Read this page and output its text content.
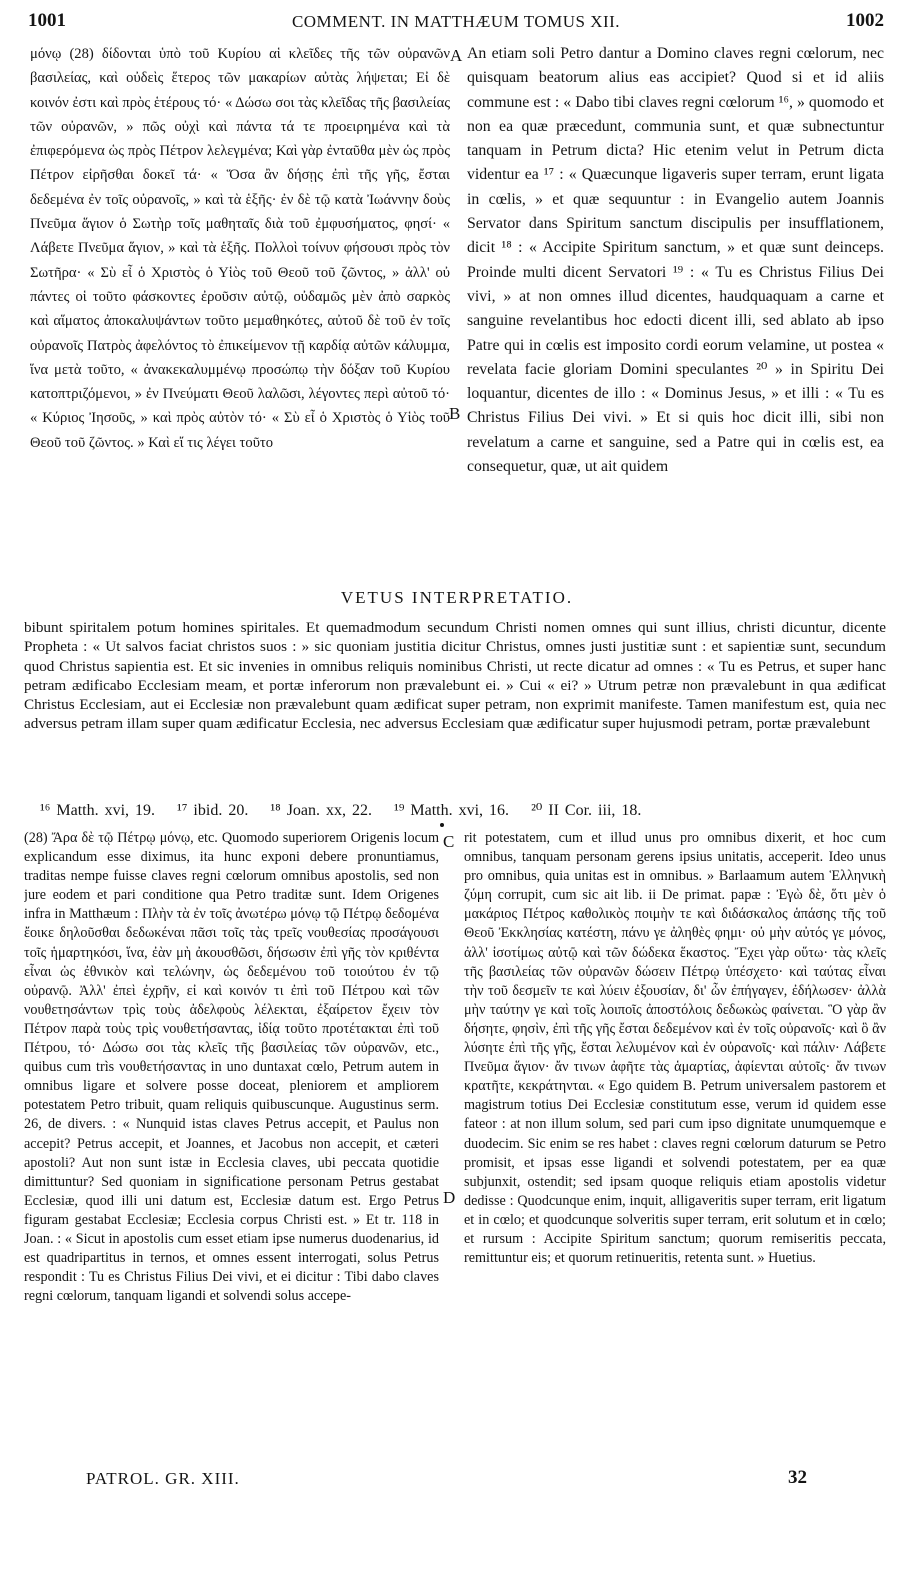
1001	COMMENT. IN MATTHÆUM TOMUS XII.	1002

μόνῳ (28) δίδονται ὑπὸ τοῦ Κυρίου αἱ κλεῖδες τῆς τῶν οὐρανῶν βασιλείας, καὶ οὐδεὶς ἕτερος τῶν μακαρίων αὐτὰς λήψεται; Εἰ δὲ κοινόν ἐστι καὶ πρὸς ἑτέρους τό· « Δώσω σοι τὰς κλεῖδας τῆς βασιλείας τῶν οὐρανῶν, » πῶς οὐχὶ καὶ πάντα τά τε προειρημένα καὶ τὰ ἐπιφερόμενα ὡς πρὸς Πέτρον λελεγμένα; Καὶ γὰρ ἐνταῦθα μὲν ὡς πρὸς Πέτρον εἰρῆσθαι δοκεῖ τά· « Ὅσα ἂν δήσῃς ἐπὶ τῆς γῆς, ἔσται δεδεμένα ἐν τοῖς οὐρανοῖς, » καὶ τὰ ἑξῆς· ἐν δὲ τῷ κατὰ Ἰωάννην δοὺς Πνεῦμα ἅγιον ὁ Σωτὴρ τοῖς μαθηταῖς διὰ τοῦ ἐμφυσήματος, φησί· « Λάβετε Πνεῦμα ἅγιον, » καὶ τὰ ἑξῆς. Πολλοὶ τοίνυν φήσουσι πρὸς τὸν Σωτῆρα· « Σὺ εἶ ὁ Χριστὸς ὁ Υἱὸς τοῦ Θεοῦ τοῦ ζῶντος, » ἀλλ' οὐ πάντες οἱ τοῦτο φάσκοντες ἐροῦσιν αὐτῷ, οὐδαμῶς μὲν ἀπὸ σαρκὸς καὶ αἵματος ἀποκαλυψάντων τοῦτο μεμαθηκότες, αὐτοῦ δὲ τοῦ ἐν τοῖς οὐρανοῖς Πατρὸς ἀφελόντος τὸ ἐπικείμενον τῇ καρδίᾳ αὐτῶν κάλυμμα, ἵνα μετὰ τοῦτο, « ἀνακεκαλυμμένῳ προσώπῳ τὴν δόξαν τοῦ Κυρίου κατοπτριζόμενοι, » ἐν Πνεύματι Θεοῦ λαλῶσι, λέγοντες περὶ αὐτοῦ τό· « Κύριος Ἰησοῦς, » καὶ πρὸς αὐτὸν τό· « Σὺ εἶ ὁ Χριστὸς ὁ Υἱὸς τοῦ Θεοῦ τοῦ ζῶντος. » Καὶ εἴ τις λέγει τοῦτο

An etiam soli Petro dantur a Domino claves regni cœlorum, nec quisquam beatorum alius eas accipiet? Quod si et id aliis commune est : « Dabo tibi claves regni cœlorum ¹⁶, » quomodo et non ea quæ præcedunt, communia sunt, et quæ subnectuntur tanquam in Petrum dicta? Hic etenim velut in Petrum dicta videntur ea ¹⁷ : « Quæcunque ligaveris super terram, erunt ligata in cœlis, » et quæ sequuntur : in Evangelio autem Joannis Servator dans Spiritum sanctum discipulis per insufflationem, dicit ¹⁸ : « Accipite Spiritum sanctum, » et quæ sunt deinceps. Proinde multi dicent Servatori ¹⁹ : « Tu es Christus Filius Dei vivi, » at non omnes illud dicentes, haudquaquam a carne et sanguine revelantibus hoc edocti dicent illi, sed ablato ab ipso Patre qui in cœlis est imposito cordi eorum velamine, ut postea « revelata facie gloriam Domini speculantes ²⁰ » in Spiritu Dei loquantur, dicentes de illo : « Dominus Jesus, » et illi : « Tu es Christus Filius Dei vivi. » Et si quis hoc dicit illi, sibi non revelatum a carne et sanguine, sed a Patre qui in cœlis est, ea consequetur, quæ, ut ait quidem

A
B
VETUS INTERPRETATIO.

bibunt spiritalem potum homines spiritales. Et quemadmodum secundum Christi nomen omnes qui sunt illius, christi dicuntur, dicente Propheta : « Ut salvos faciat christos suos : » sic quoniam justitia dicitur Christus, omnes justi justitiæ sunt : et sapientiæ sunt, secundum quod Christus sapientia est. Et sic invenies in omnibus reliquis nominibus Christi, ut recte dicatur ad omnes : « Tu es Petrus, et super hanc petram ædificabo Ecclesiam meam, et portæ inferorum non prævalebunt ei. » Cui « ei? » Utrum petræ non prævalebunt in qua ædificat Christus Ecclesiam, aut ei Ecclesiæ non prævalebunt quam ædificat super petram, non exprimit manifeste. Tamen manifestum est, quia nec adversus petram illam super quam ædificatur Ecclesia, nec adversus Ecclesiam quæ ædificatur super hujusmodi petram, portæ prævalebunt

¹⁶ Matth. xvi, 19.  ¹⁷ ibid. 20.  ¹⁸ Joan. xx, 22.  ¹⁹ Matth. xvi, 16.  ²⁰ II Cor. iii, 18.

(28) Ἄρα δὲ τῷ Πέτρῳ μόνῳ, etc. Quomodo superiorem Origenis locum explicandum esse diximus, ita hunc exponi debere pronuntiamus, traditas nempe fuisse claves regni cœlorum omnibus apostolis, sed non jure eodem et pari conditione qua Petro traditæ sunt. Idem Origenes infra in Matthæum : Πλὴν τὰ ἐν τοῖς ἀνωτέρω μόνῳ τῷ Πέτρῳ δεδομένα ἔοικε δηλοῦσθαι δεδωκέναι πᾶσι τοῖς τὰς τρεῖς νουθεσίας προσάγουσι τοῖς ἡμαρτηκόσι, ἵνα, ἐὰν μὴ ἀκουσθῶσι, δήσωσιν ἐπὶ γῆς τὸν κριθέντα εἶναι ὡς ἐθνικὸν καὶ τελώνην, ὡς δεδεμένου τοῦ τοιούτου ἐν τῷ οὐρανῷ. Ἀλλ' ἐπεὶ ἐχρῆν, εἰ καὶ κοινόν τι ἐπὶ τοῦ Πέτρου καὶ τῶν νουθετησάντων τρὶς τοὺς ἀδελφοὺς λέλεκται, ἐξαίρετον ἔχειν τὸν Πέτρον παρὰ τοὺς τρὶς νουθετήσαντας, ἰδίᾳ τοῦτο προτέτακται ἐπὶ τοῦ Πέτρου, τό· Δώσω σοι τὰς κλεῖς τῆς βασιλείας τῶν οὐρανῶν, etc., quibus cum trìs νουθετήσαντας in uno duntaxat cœlo, Petrum autem in omnibus ligare et solvere posse doceat, pleniorem et ampliorem potestatem Petro tribuit, quam reliquis quibuscunque. Augustinus serm. 26, de divers. : « Nunquid istas claves Petrus accepit, et Paulus non accepit? Petrus accepit, et Joannes, et Jacobus non accepit, et cæteri apostoli? Aut non sunt istæ in Ecclesia claves, ubi peccata quotidie dimittuntur? Sed quoniam in significatione personam Petrus gestabat Ecclesiæ, quod illi uni datum est, Ecclesiæ datum est. Ergo Petrus figuram gestabat Ecclesiæ; Ecclesia corpus Christi est. » Et tr. 118 in Joan. : « Sicut in apostolis cum esset etiam ipse numerus duodenarius, id est quadripartitus in ternos, et omnes essent interrogati, solus Petrus respondit : Tu es Christus Filius Dei vivi, et ei dicitur : Tibi dabo claves regni cœlorum, tanquam ligandi et solvendi solus accepe-

rit potestatem, cum et illud unus pro omnibus dixerit, et hoc cum omnibus, tanquam personam gerens ipsius unitatis, acceperit. Ideo unus pro omnibus, quia unitas est in omnibus. » Barlaamum autem Ἑλληνικὴ ζύμη corrupit, cum sic ait lib. ii De primat. papæ : Ἐγὼ δὲ, ὅτι μὲν ὁ μακάριος Πέτρος καθολικὸς ποιμὴν τε καὶ διδάσκαλος ἁπάσης τῆς τοῦ Θεοῦ Ἐκκλησίας κατέστη, πάνυ γε ἀληθὲς φημι· οὐ μὴν αὐτός γε μόνος, ἀλλ' ἰσοτίμως αὐτῷ καὶ τῶν δώδεκα ἕκαστος. Ἔχει γὰρ οὕτω· τὰς κλεῖς τῆς βασιλείας τῶν οὐρανῶν δώσειν Πέτρῳ ὑπέσχετο· καὶ ταύτας εἶναι τὴν τοῦ δεσμεῖν τε καὶ λύειν ἐξουσίαν, δι' ὧν ἐπήγαγεν, ἐδήλωσεν· ἀλλὰ μὴν ταύτην γε καὶ τοῖς λοιποῖς ἀποστόλοις δεδωκὼς φαίνεται. Ὃ γὰρ ἂν δήσητε, φησὶν, ἐπὶ τῆς γῆς ἔσται δεδεμένον καὶ ἐν τοῖς οὐρανοῖς· καὶ ὃ ἂν λύσητε ἐπὶ τῆς γῆς, ἔσται λελυμένον καὶ ἐν οὐρανοῖς· καὶ πάλιν· Λάβετε Πνεῦμα ἅγιον· ἄν τινων ἀφῆτε τὰς ἁμαρτίας, ἀφίενται αὐτοῖς· ἄν τινων κρατῆτε, κεκράτηνται. « Ego quidem B. Petrum universalem pastorem et magistrum totius Dei Ecclesiæ constitutum esse, verum id quidem esse fateor : at non illum solum, sed pari cum ipso dignitate unumquemque e duodecim. Sic enim se res habet : claves regni cœlorum daturum se Petro promisit, et ipsas esse ligandi et solvendi potestatem, per ea quæ subjunxit, ostendit; sed ipsam quoque reliquis etiam apostolis videtur dedisse : Quodcunque enim, inquit, alligaveritis super terram, erit ligatum et in cœlo; et quodcunque solveritis super terram, erit solutum et in cœlo; et rursum : Accipite Spiritum sanctum; quorum remiseritis peccata, remittuntur eis; et quorum retinueritis, retenta sunt. » Huetius.

C
D
PATROL. GR. XIII.	32
